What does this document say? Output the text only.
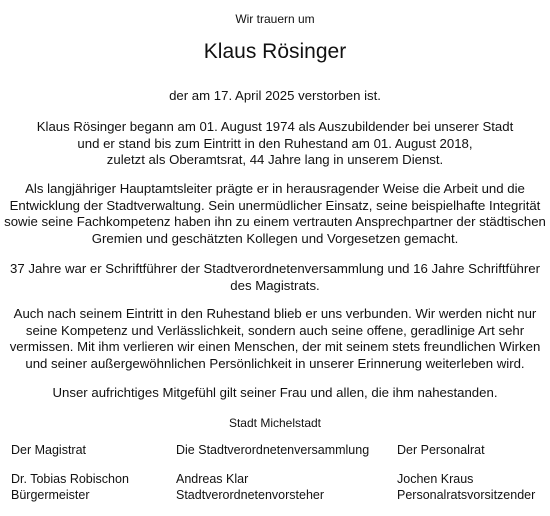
Wir trauern um
Klaus Rösinger
der am 17. April 2025 verstorben ist.
Klaus Rösinger begann am 01. August 1974 als Auszubildender bei unserer Stadt
und er stand bis zum Eintritt in den Ruhestand am 01. August 2018,
zuletzt als Oberamtsrat, 44 Jahre lang in unserem Dienst.
Als langjähriger Hauptamtsleiter prägte er in herausragender Weise die Arbeit und die
Entwicklung der Stadtverwaltung. Sein unermüdlicher Einsatz, seine beispielhafte Integrität
sowie seine Fachkompetenz haben ihn zu einem vertrauten Ansprechpartner der städtischen
Gremien und geschätzten Kollegen und Vorgesetzen gemacht.
37 Jahre war er Schriftführer der Stadtverordnetenversammlung und 16 Jahre Schriftführer
des Magistrats.
Auch nach seinem Eintritt in den Ruhestand blieb er uns verbunden. Wir werden nicht nur
seine Kompetenz und Verlässlichkeit, sondern auch seine offene, geradlinige Art sehr
vermissen. Mit ihm verlieren wir einen Menschen, der mit seinem stets freundlichen Wirken
und seiner außergewöhnlichen Persönlichkeit in unserer Erinnerung weiterleben wird.
Unser aufrichtiges Mitgefühl gilt seiner Frau und allen, die ihm nahestanden.
Stadt Michelstadt
Der Magistrat
Dr. Tobias Robischon
Bürgermeister
Die Stadtverordnetenversammlung
Andreas Klar
Stadtverordnetenvorsteher
Der Personalrat
Jochen Kraus
Personalratsvorsitzender
